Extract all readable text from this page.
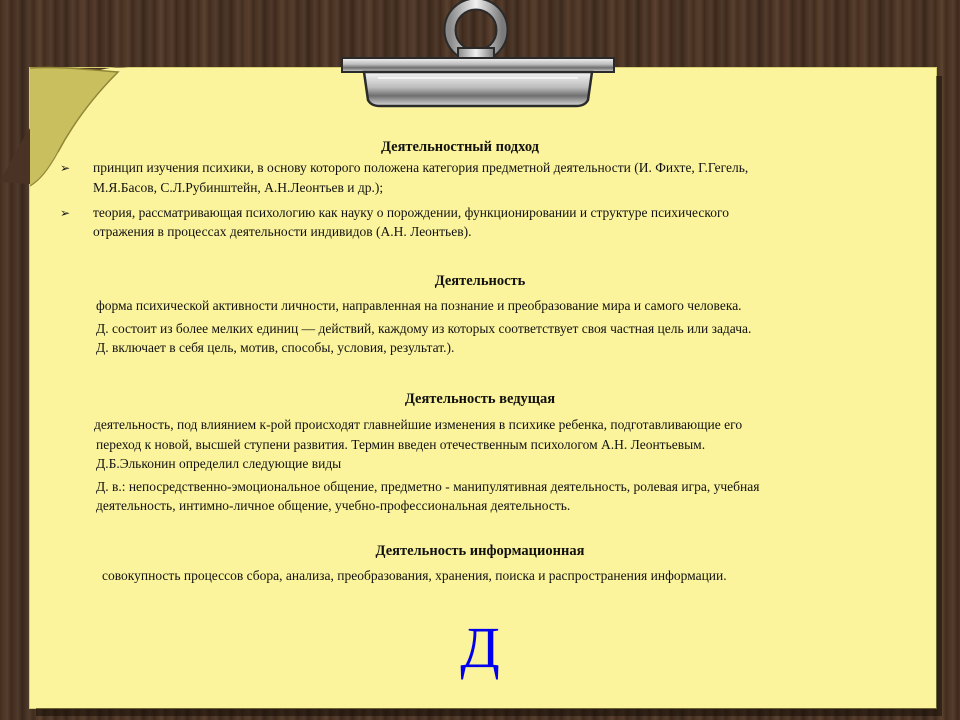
Деятельностный подход
➢ принцип изучения психики, в основу которого положена категория предметной деятельности (И. Фихте, Г.Гегель,
М.Я.Басов, С.Л.Рубинштейн, А.Н.Леонтьев и др.);
➢ теория, рассматривающая психологию как науку о порождении, функционировании и структуре психического
отражения в процессах деятельности индивидов (А.Н. Леонтьев).
Деятельность
форма психической активности личности, направленная на познание и преобразование мира и самого человека.
Д. состоит из более мелких единиц — действий, каждому из которых соответствует своя частная цель или задача.
Д. включает в себя цель, мотив, способы, условия, результат.).
Деятельность ведущая
деятельность, под влиянием к-рой происходят главнейшие изменения в психике ребенка, подготавливающие его
переход к новой, высшей ступени развития. Термин введен отечественным психологом А.Н. Леонтьевым.
Д.Б.Эльконин определил следующие виды
Д. в.: непосредственно-эмоциональное общение, предметно - манипулятивная деятельность, ролевая игра, учебная
деятельность, интимно-личное общение, учебно-профессиональная деятельность.
Деятельность информационная
совокупность процессов сбора, анализа, преобразования, хранения, поиска и распространения информации.
Д
